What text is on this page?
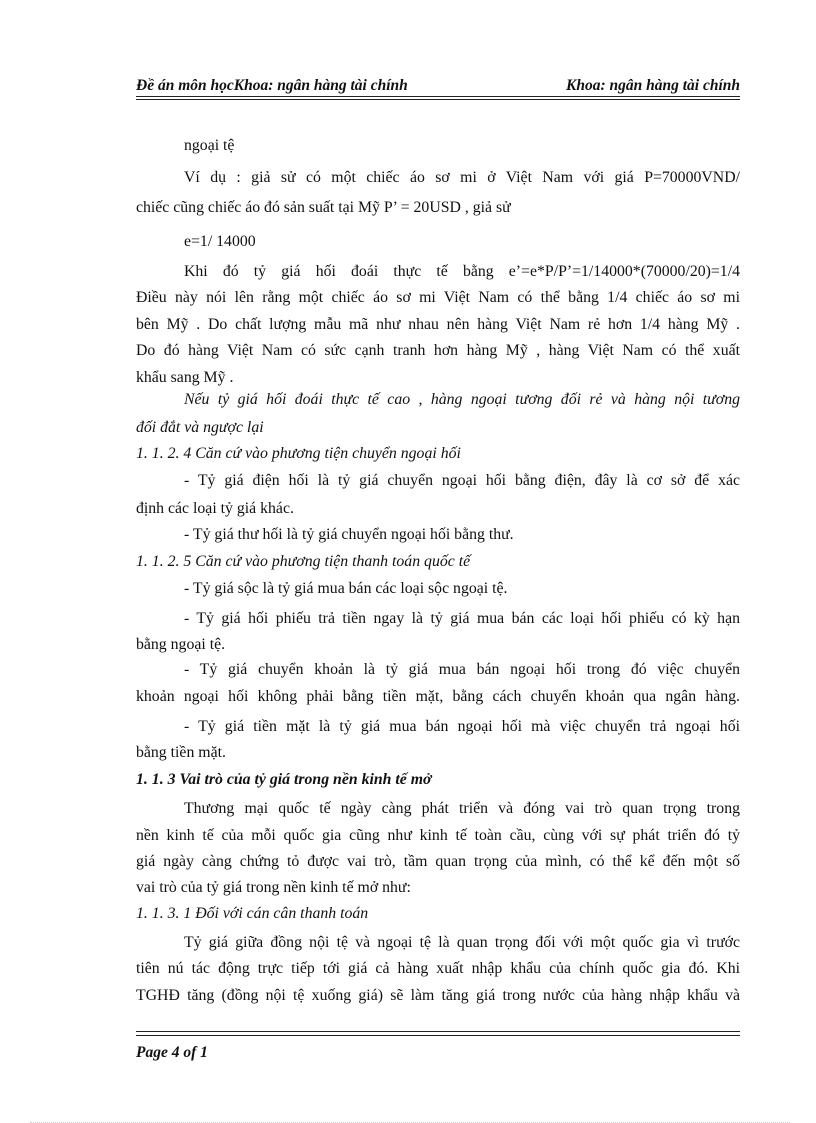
Đề án môn họcKhoa: ngân hàng tài chính	Khoa: ngân hàng tài chính
ngoại tệ
Ví dụ : giả sử có một chiếc áo sơ mi ở Việt Nam với giá P=70000VND/
chiếc cũng chiếc áo đó sản suất tại Mỹ P’ = 20USD , giả sử
e=1/ 14000
Khi đó tỷ giá hối đoái thực tế bằng e’=e*P/P’=1/14000*(70000/20)=1/4
Điều này nói lên rằng một chiếc áo sơ mi Việt Nam có thể bằng 1/4 chiếc áo sơ mi
bên Mỹ . Do chất lượng mẫu mã như nhau nên hàng Việt Nam rẻ hơn 1/4 hàng Mỹ .
Do đó hàng Việt Nam có sức cạnh tranh hơn hàng Mỹ , hàng Việt Nam có thể xuất
khẩu sang Mỹ .
Nếu tỷ giá hối đoái thực tế cao , hàng ngoại tương đối rẻ và hàng nội tương
đối đắt và ngược lại
1. 1. 2. 4 Căn cứ vào phương tiện chuyển ngoại hối
- Tỷ giá điện hối là tỷ giá chuyển ngoại hối bằng điện, đây là cơ sở để xác
định các loại tỷ giá khác.
- Tỷ giá thư hối là tỷ giá chuyển ngoại hối bằng thư.
1. 1. 2. 5 Căn cứ vào phương tiện thanh toán quốc tế
- Tỷ giá sộc là tỷ giá mua bán các loại sộc ngoại tệ.
- Tỷ giá hối phiếu trả tiền ngay là tỷ giá mua bán các loại hối phiếu có kỳ hạn
bằng ngoại tệ.
- Tỷ giá chuyển khoản là tỷ giá mua bán ngoại hối trong đó việc chuyển
khoản ngoại hối không phải bằng tiền mặt, bằng cách chuyển khoản qua ngân hàng.
- Tỷ giá tiền mặt là tỷ giá mua bán ngoại hối mà việc chuyển trả ngoại hối
bằng tiền mặt.
1. 1. 3 Vai trò của tỷ giá trong nền kinh tế mở
Thương mại quốc tế ngày càng phát triển và đóng vai trò quan trọng trong
nền kinh tế của mỗi quốc gia cũng như kinh tế toàn cầu, cùng với sự phát triển đó tỷ
giá ngày càng chứng tỏ được vai trò, tầm quan trọng của mình, có thể kể đến một số
vai trò của tỷ giá trong nền kinh tế mở như:
1. 1. 3. 1 Đối với cán cân thanh toán
Tỷ giá giữa đồng nội tệ và ngoại tệ là quan trọng đối với một quốc gia vì trước
tiên nú tác động trực tiếp tới giá cả hàng xuất nhập khẩu của chính quốc gia đó. Khi
TGHĐ tăng (đồng nội tệ xuống giá) sẽ làm tăng giá trong nước của hàng nhập khẩu và
Page 4 of 1
